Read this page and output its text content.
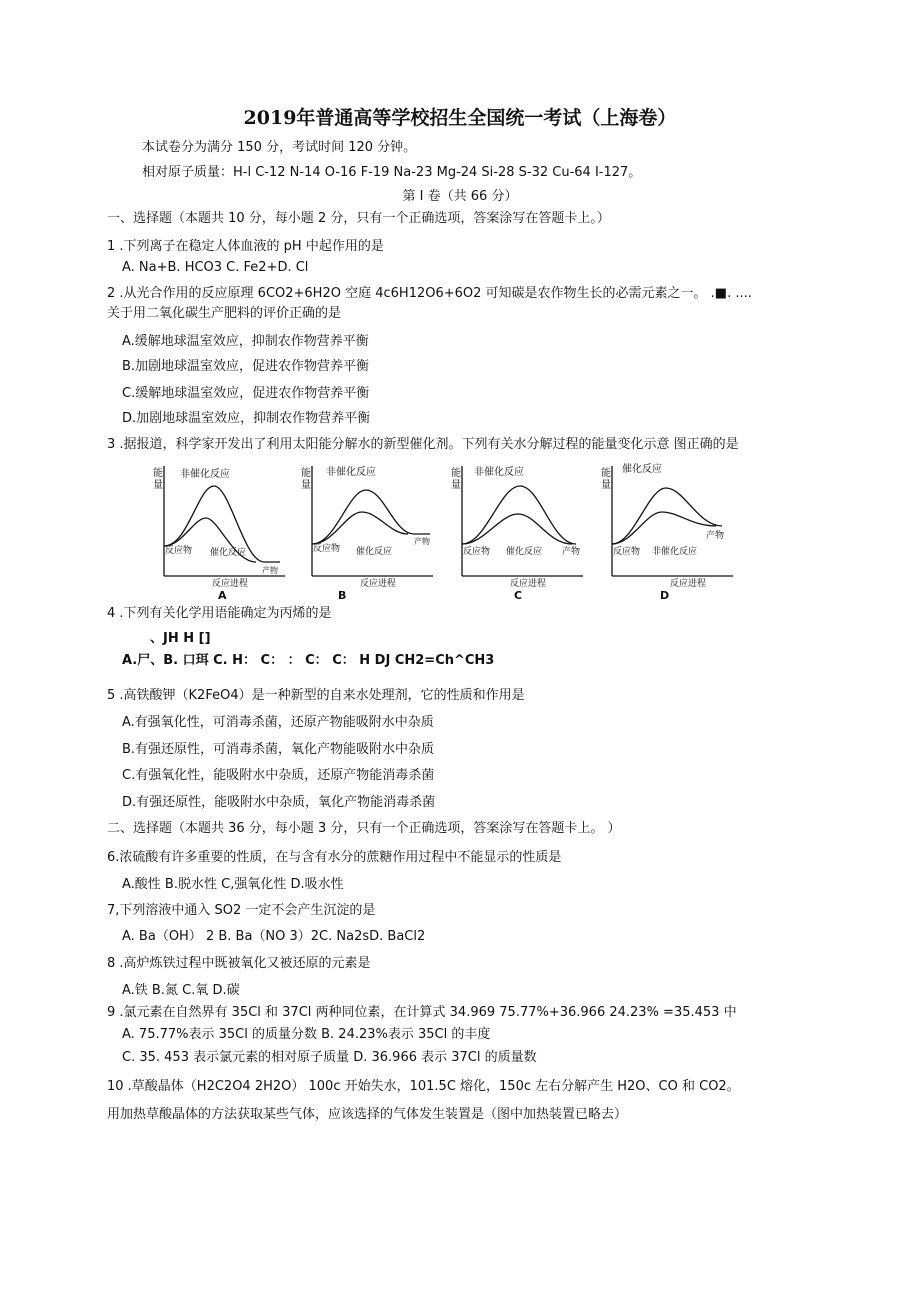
2019年普通高等学校招生全国统一考试（上海卷）
本试卷分为满分 150 分，考试时间 120 分钟。
相对原子质量：H-l C-12 N-14 O-16 F-19 Na-23 Mg-24 Si-28 S-32 Cu-64 I-127。
第 I 卷（共 66 分）
一、选择题（本题共 10 分，每小题 2 分，只有一个正确选项，答案涂写在答题卡上。）
1 .下列离子在稳定人体血液的 pH 中起作用的是
A. Na+B. HCO3 C. Fe2+D. Cl
2 .从光合作用的反应原理 6CO2+6H2O 空庭 4c6H12O6+6O2 可知碳是农作物生长的必需元素之一。 .■. ....
关于用二氧化碳生产肥料的评价正确的是
A.缓解地球温室效应，抑制农作物营养平衡
B.加剧地球温室效应，促进农作物营养平衡
C.缓解地球温室效应，促进农作物营养平衡
D.加剧地球温室效应，抑制农作物营养平衡
3 .据报道，科学家开发出了利用太阳能分解水的新型催化剂。下列有关水分解过程的能量变化示意 图正确的是
能
量
非催化反应
反应物 催化反应
产物
反应进程
A
能
量
非催化反应
反应物 催化反应
产物
反应进程
B
能
量
非催化反应
反应物 催化反应 产物
反应进程
C
能
量
催化反应
反应物 非催化反应
产物
反应进程
D
4 .下列有关化学用语能确定为丙烯的是
、JH H []
A.尸、B. 口珥 C. H： C： ： C： C： H DJ CH2=Ch^CH3
5 .高铁酸钾（K2FeO4）是一种新型的自来水处理剂，它的性质和作用是
A.有强氧化性，可消毒杀菌，还原产物能吸附水中杂质
B.有强还原性，可消毒杀菌，氧化产物能吸附水中杂质
C.有强氧化性，能吸附水中杂质，还原产物能消毒杀菌
D.有强还原性，能吸附水中杂质，氧化产物能消毒杀菌
二、选择题（本题共 36 分，每小题 3 分，只有一个正确选项，答案涂写在答题卡上。 ）
6.浓硫酸有许多重要的性质，在与含有水分的蔗糖作用过程中不能显示的性质是
A.酸性 B.脱水性 C,强氧化性 D.吸水性
7,下列溶液中通入 SO2 一定不会产生沉淀的是
A. Ba（OH） 2 B. Ba（NO 3）2C. Na2sD. BaCl2
8 .高炉炼铁过程中既被氧化又被还原的元素是
A.铁 B.氮 C.氧 D.碳
9 .氯元素在自然界有 35Cl 和 37Cl 两种同位素，在计算式 34.969 75.77%+36.966 24.23% =35.453 中
A. 75.77%表示 35Cl 的质量分数 B. 24.23%表示 35Cl 的丰度
C. 35. 453 表示氯元素的相对原子质量 D. 36.966 表示 37Cl 的质量数
10 .草酸晶体（H2C2O4 2H2O） 100c 开始失水，101.5C 熔化，150c 左右分解产生 H2O、CO 和 CO2。
用加热草酸晶体的方法获取某些气体，应该选择的气体发生装置是（图中加热装置已略去）
